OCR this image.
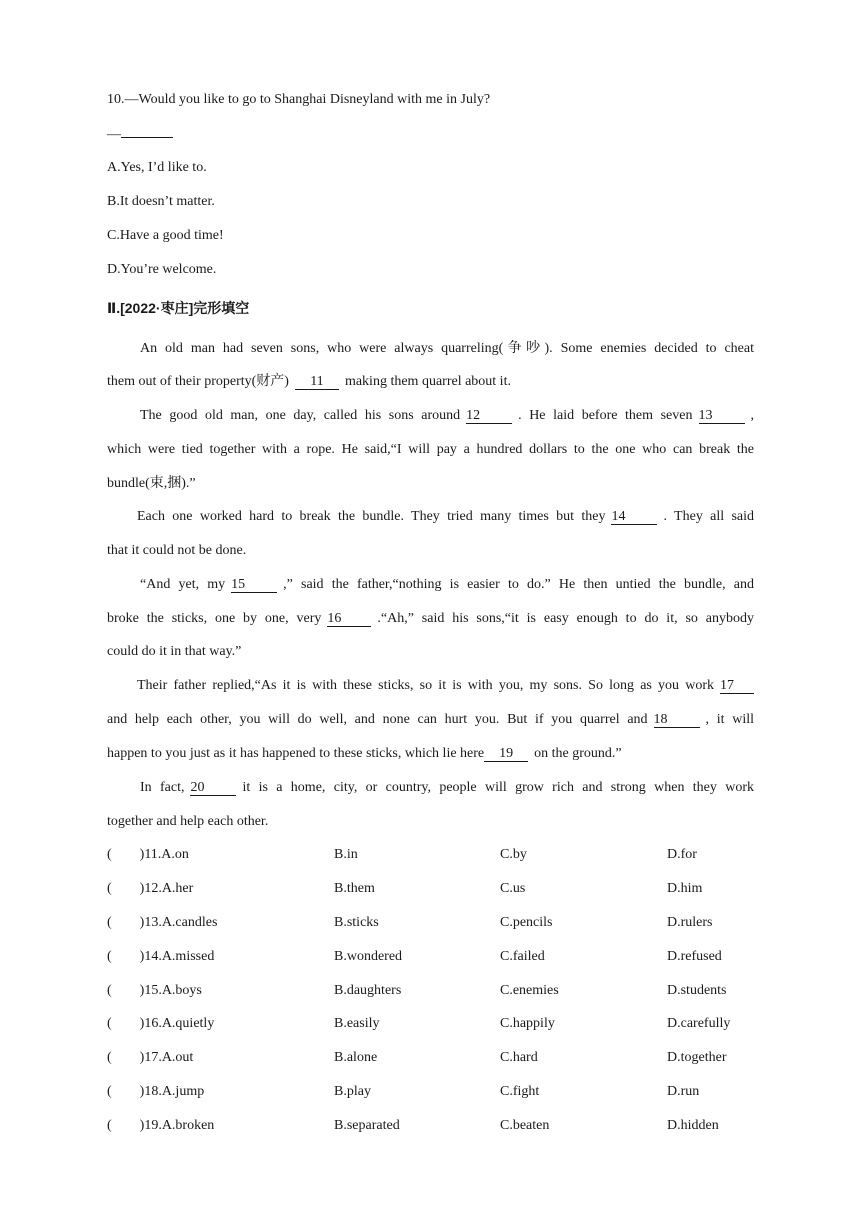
10.—Would you like to go to Shanghai Disneyland with me in July?
—
A.Yes, I’d like to.
B.It doesn’t matter.
C.Have a good time!
D.You’re welcome.
Ⅱ.[2022·枣庄]完形填空
An old man had seven sons, who were always quarreling(争吵). Some enemies decided to cheat
them out of their property(财产) 11 making them quarrel about it.
The good old man, one day, called his sons around 12	. He laid before them seven 13	,
which were tied together with a rope. He said,“I will pay a hundred dollars to the one who can break the
bundle(束,捆).”
Each one worked hard to break the bundle. They tried many times but they 14	. They all said
that it could not be done.
“And yet, my 15	,” said the father,“nothing is easier to do.” He then untied the bundle, and
broke the sticks, one by one, very 16	.“Ah,” said his sons,“it is easy enough to do it, so anybody
could do it in that way.”
Their father replied,“As it is with these sticks, so it is with you, my sons. So long as you work 17
and help each other, you will do well, and none can hurt you. But if you quarrel and 18	, it will
happen to you just as it has happened to these sticks, which lie here 19 on the ground.”
In fact, 20	it is a home, city, or country, people will grow rich and strong when they work
together and help each other.
(　　)11.A.on	B.in	C.by	D.for
(　　)12.A.her	B.them	C.us	D.him
(　　)13.A.candles	B.sticks	C.pencils	D.rulers
(　　)14.A.missed	B.wondered	C.failed	D.refused
(　　)15.A.boys	B.daughters	C.enemies	D.students
(　　)16.A.quietly	B.easily	C.happily	D.carefully
(　　)17.A.out	B.alone	C.hard	D.together
(　　)18.A.jump	B.play	C.fight	D.run
(　　)19.A.broken	B.separated	C.beaten	D.hidden
